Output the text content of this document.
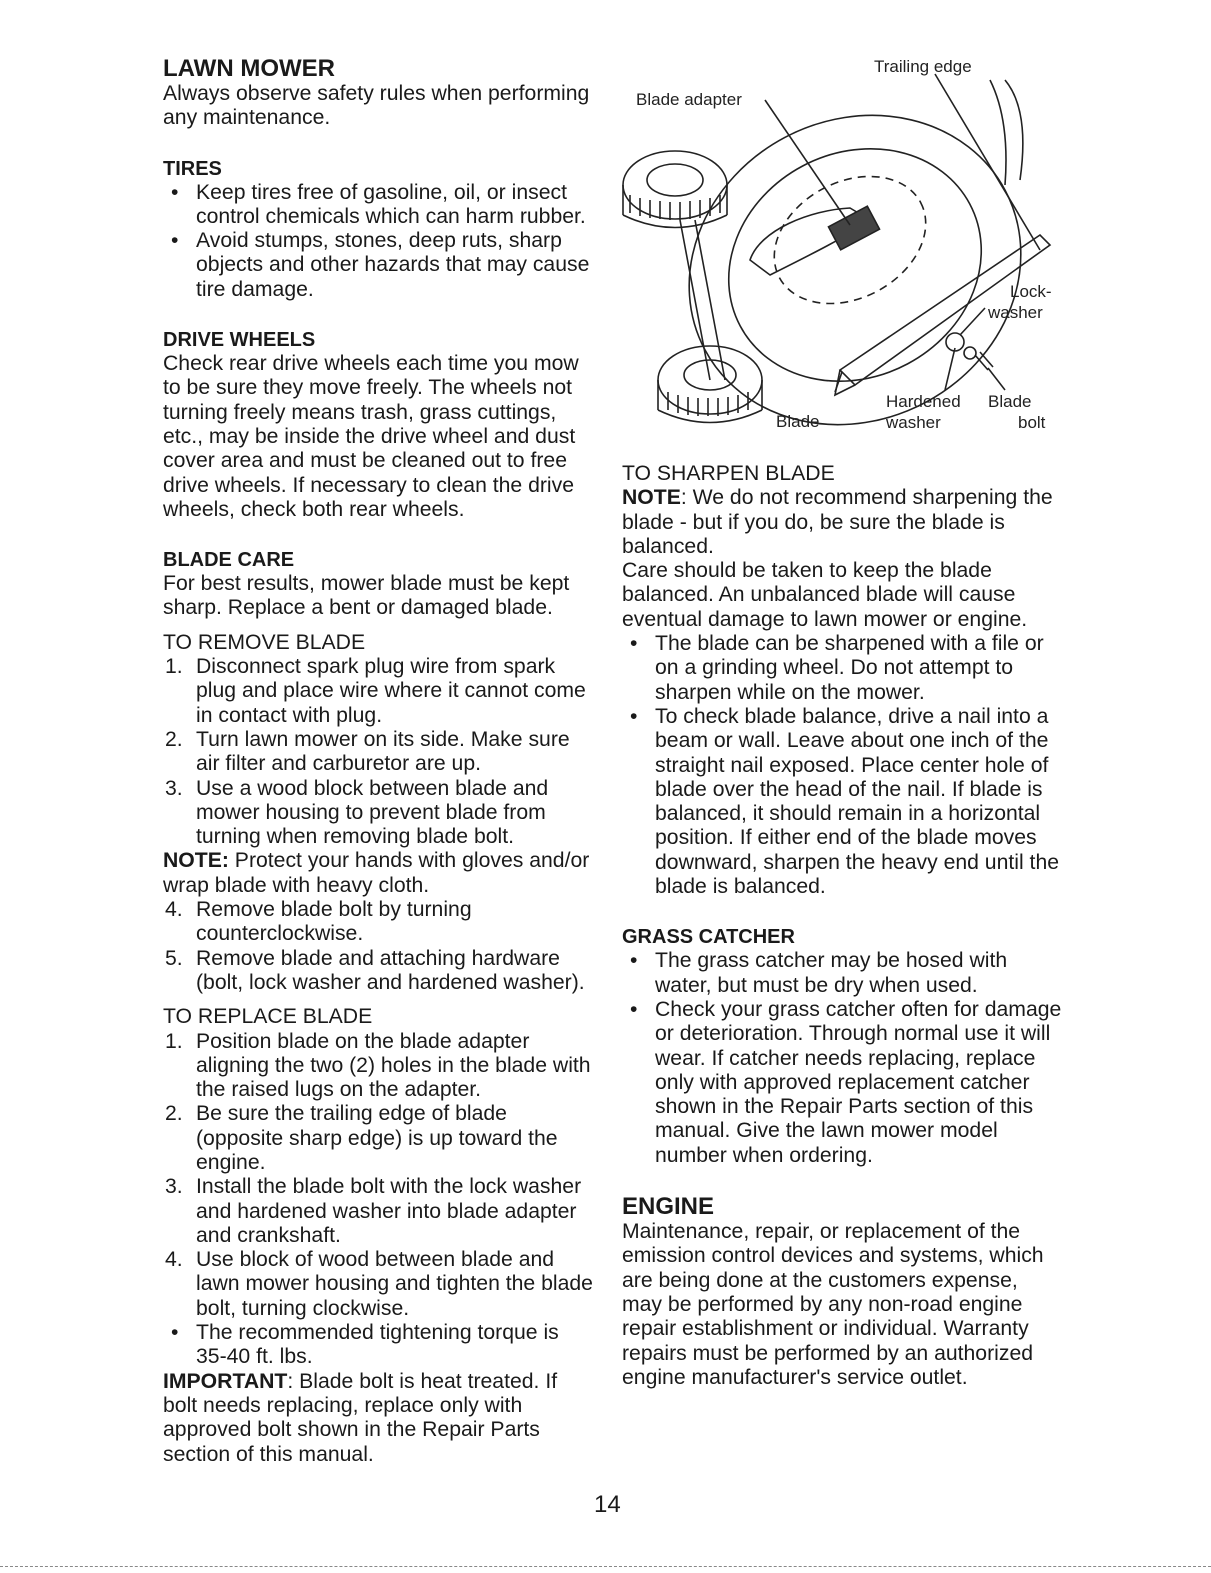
LAWN MOWER

Always observe safety rules when performing any maintenance.

TIRES
• Keep tires free of gasoline, oil, or insect control chemicals which can harm rubber.
• Avoid stumps, stones, deep ruts, sharp objects and other hazards that may cause tire damage.
DRIVE WHEELS

Check rear drive wheels each time you mow to be sure they move freely. The wheels not turning freely means trash, grass cuttings, etc., may be inside the drive wheel and dust cover area and must be cleaned out to free drive wheels. If necessary to clean the drive wheels, check both rear wheels.

BLADE CARE

For best results, mower blade must be kept sharp. Replace a bent or damaged blade.

TO REMOVE BLADE

1. Disconnect spark plug wire from spark plug and place wire where it cannot come in contact with plug.
2. Turn lawn mower on its side. Make sure air filter and carburetor are up.
3. Use a wood block between blade and mower housing to prevent blade from turning when removing blade bolt.

NOTE: Protect your hands with gloves and/or wrap blade with heavy cloth.

4. Remove blade bolt by turning counterclockwise.
5. Remove blade and attaching hardware (bolt, lock washer and hardened washer).

TO REPLACE BLADE

1. Position blade on the blade adapter aligning the two (2) holes in the blade with the raised lugs on the adapter.
2. Be sure the trailing edge of blade (opposite sharp edge) is up toward the engine.
3. Install the blade bolt with the lock washer and hardened washer into blade adapter and crankshaft.
4. Use block of wood between blade and lawn mower housing and tighten the blade bolt, turning clockwise.
• The recommended tightening torque is 35-40 ft. lbs.

IMPORTANT: Blade bolt is heat treated. If bolt needs replacing, replace only with approved bolt shown in the Repair Parts section of this manual.

Trailing edge
Blade adapter
Lock-
washer
Hardened
washer
Blade
bolt
Blade

TO SHARPEN BLADE

NOTE: We do not recommend sharpening the blade - but if you do, be sure the blade is balanced.

Care should be taken to keep the blade balanced. An unbalanced blade will cause eventual damage to lawn mower or engine.

• The blade can be sharpened with a file or on a grinding wheel. Do not attempt to sharpen while on the mower.
• To check blade balance, drive a nail into a beam or wall. Leave about one inch of the straight nail exposed. Place center hole of blade over the head of the nail. If blade is balanced, it should remain in a horizontal position. If either end of the blade moves downward, sharpen the heavy end until the blade is balanced.
GRASS CATCHER
• The grass catcher may be hosed with water, but must be dry when used.
• Check your grass catcher often for damage or deterioration. Through normal use it will wear. If catcher needs replacing, replace only with approved replacement catcher shown in the Repair Parts section of this manual. Give the lawn mower model number when ordering.
ENGINE

Maintenance, repair, or replacement of the emission control devices and systems, which are being done at the customers expense, may be performed by any non-road engine repair establishment or individual. Warranty repairs must be performed by an authorized engine manufacturer's service outlet.

14
